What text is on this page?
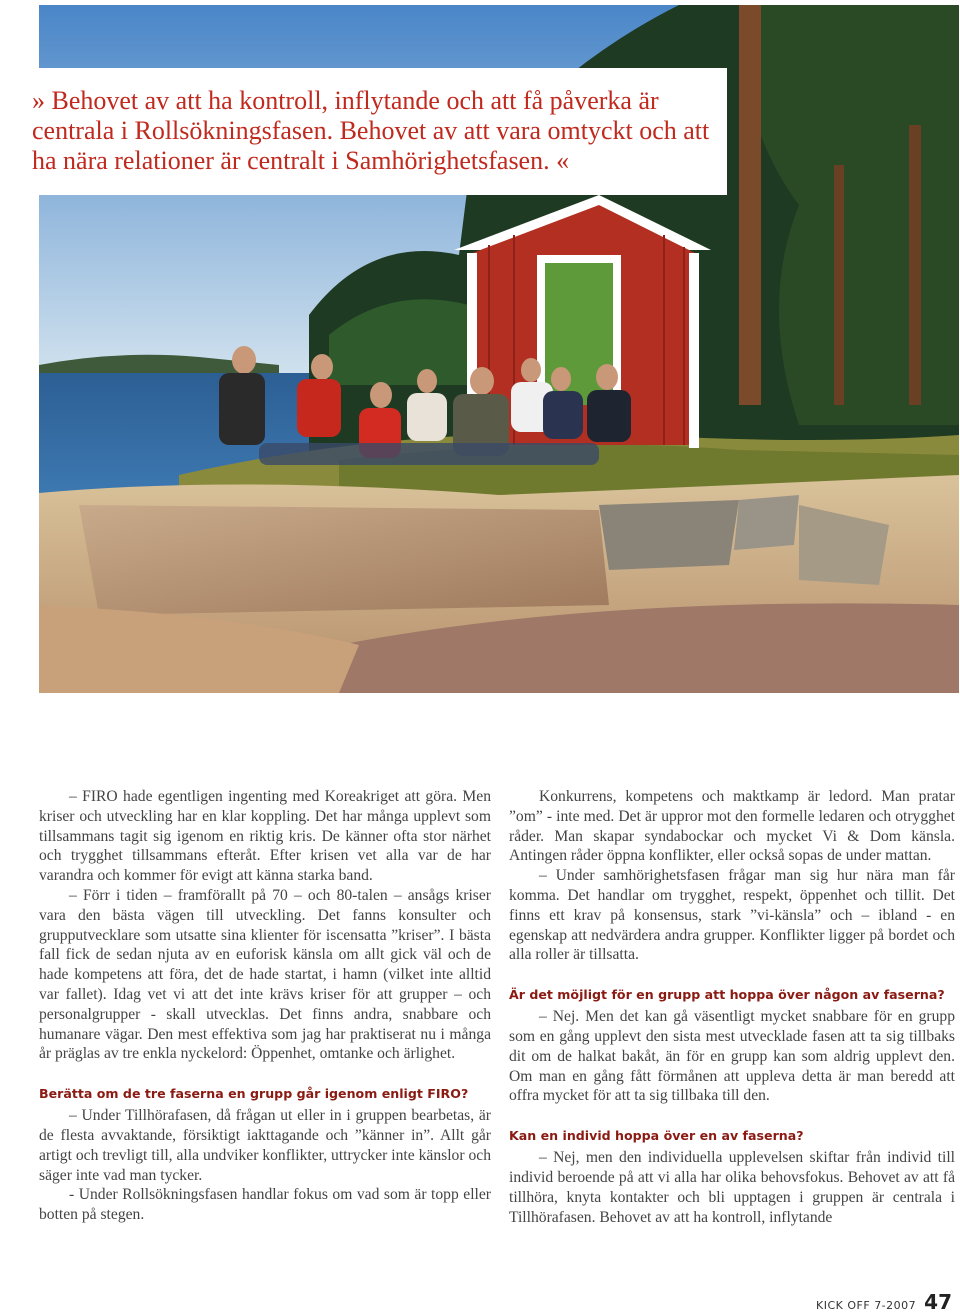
» Behovet av att ha kontroll, inflytande och att få påverka är centrala i Rollsökningsfasen. Behovet av att vara omtyckt och att ha nära relationer är centralt i Samhörighetsfasen. «

– FIRO hade egentligen ingenting med Koreakriget att göra. Men kriser och utveckling har en klar koppling. Det har många upplevt som tillsammans tagit sig igenom en riktig kris. De känner ofta stor närhet och trygghet tillsammans efteråt. Efter krisen vet alla var de har varandra och kommer för evigt att känna starka band.

– Förr i tiden – framförallt på 70 – och 80-talen – ansågs kriser vara den bästa vägen till utveckling. Det fanns konsulter och grupputvecklare som utsatte sina klienter för iscensatta ”kriser”. I bästa fall fick de sedan njuta av en euforisk känsla om allt gick väl och de hade kompetens att föra, det de hade startat, i hamn (vilket inte alltid var fallet). Idag vet vi att det inte krävs kriser för att grupper – och personalgrupper - skall utvecklas. Det finns andra, snabbare och humanare vägar. Den mest effektiva som jag har praktiserat nu i många år präglas av tre enkla nyckelord: Öppenhet, omtanke och ärlighet.

Berätta om de tre faserna en grupp går igenom enligt FIRO?

– Under Tillhörafasen, då frågan ut eller in i gruppen bearbetas, är de flesta avvaktande, försiktigt iakttagande och ”känner in”. Allt går artigt och trevligt till, alla undviker konflikter, uttrycker inte känslor och säger inte vad man tycker.

- Under Rollsökningsfasen handlar fokus om vad som är topp eller botten på stegen.

Konkurrens, kompetens och maktkamp är ledord. Man pratar ”om” - inte med. Det är uppror mot den formelle ledaren och otrygghet råder. Man skapar syndabockar och mycket Vi & Dom känsla. Antingen råder öppna konflikter, eller också sopas de under mattan.

– Under samhörighetsfasen frågar man sig hur nära man får komma. Det handlar om trygghet, respekt, öppenhet och tillit. Det finns ett krav på konsensus, stark ”vi-känsla” och – ibland - en egenskap att nedvärdera andra grupper. Konflikter ligger på bordet och alla roller är tillsatta.

Är det möjligt för en grupp att hoppa över någon av faserna?

– Nej. Men det kan gå väsentligt mycket snabbare för en grupp som en gång upplevt den sista mest utvecklade fasen att ta sig tillbaks dit om de halkat bakåt, än för en grupp kan som aldrig upplevt den. Om man en gång fått förmånen att uppleva detta är man beredd att offra mycket för att ta sig tillbaka till den.

Kan en individ hoppa över en av faserna?

– Nej, men den individuella upplevelsen skiftar från individ till individ beroende på att vi alla har olika behovsfokus. Behovet av att få tillhöra, knyta kontakter och bli upptagen i gruppen är centrala i Tillhörafasen. Behovet av att ha kontroll, inflytande

KICK OFF 7-2007 47
